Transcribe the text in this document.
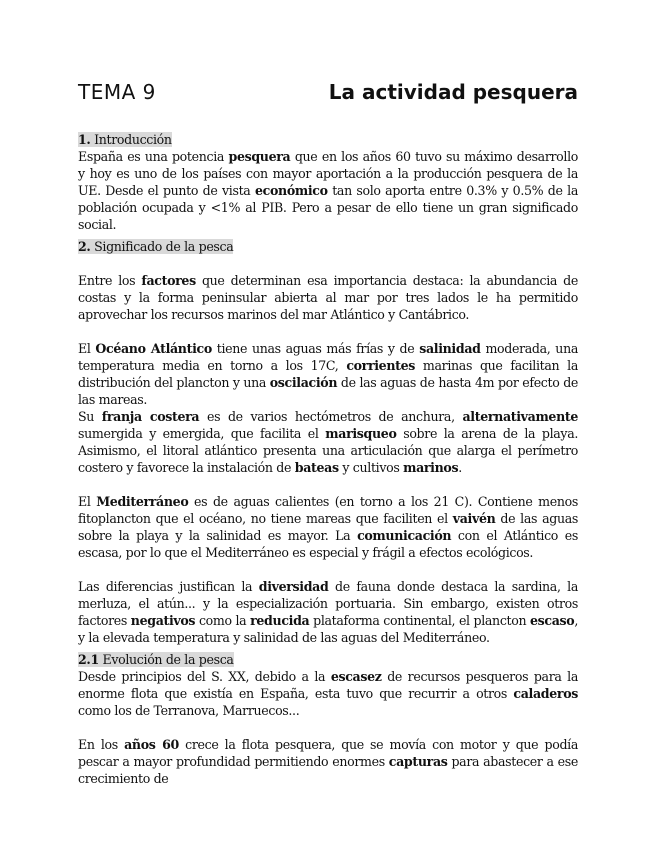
TEMA 9	La actividad pesquera

1. Introducción

España es una potencia pesquera que en los años 60 tuvo su máximo desarrollo y hoy es uno de los países con mayor aportación a la producción pesquera de la UE. Desde el punto de vista económico tan solo aporta entre 0.3% y 0.5% de la población ocupada y <1% al PIB. Pero a pesar de ello tiene un gran significado social.

2. Significado de la pesca

Entre los factores que determinan esa importancia destaca: la abundancia de costas y la forma peninsular abierta al mar por tres lados le ha permitido aprovechar los recursos marinos del mar Atlántico y Cantábrico.

El Océano Atlántico tiene unas aguas más frías y de salinidad moderada, una temperatura media en torno a los 17C, corrientes marinas que facilitan la distribución del plancton y una oscilación de las aguas de hasta 4m por efecto de las mareas.

Su franja costera es de varios hectómetros de anchura, alternativamente sumergida y emergida, que facilita el marisqueo sobre la arena de la playa. Asimismo, el litoral atlántico presenta una articulación que alarga el perímetro costero y favorece la instalación de bateas y cultivos marinos.

El Mediterráneo es de aguas calientes (en torno a los 21 C). Contiene menos fitoplancton que el océano, no tiene mareas que faciliten el vaivén de las aguas sobre la playa y la salinidad es mayor. La comunicación con el Atlántico es escasa, por lo que el Mediterráneo es especial y frágil a efectos ecológicos.

Las diferencias justifican la diversidad de fauna donde destaca la sardina, la merluza, el atún... y la especialización portuaria. Sin embargo, existen otros factores negativos como la reducida plataforma continental, el plancton escaso, y la elevada temperatura y salinidad de las aguas del Mediterráneo.

2.1 Evolución de la pesca

Desde principios del S. XX, debido a la escasez de recursos pesqueros para la enorme flota que existía en España, esta tuvo que recurrir a otros caladeros como los de Terranova, Marruecos...

En los años 60 crece la flota pesquera, que se movía con motor y que podía pescar a mayor profundidad permitiendo enormes capturas para abastecer a ese crecimiento de
